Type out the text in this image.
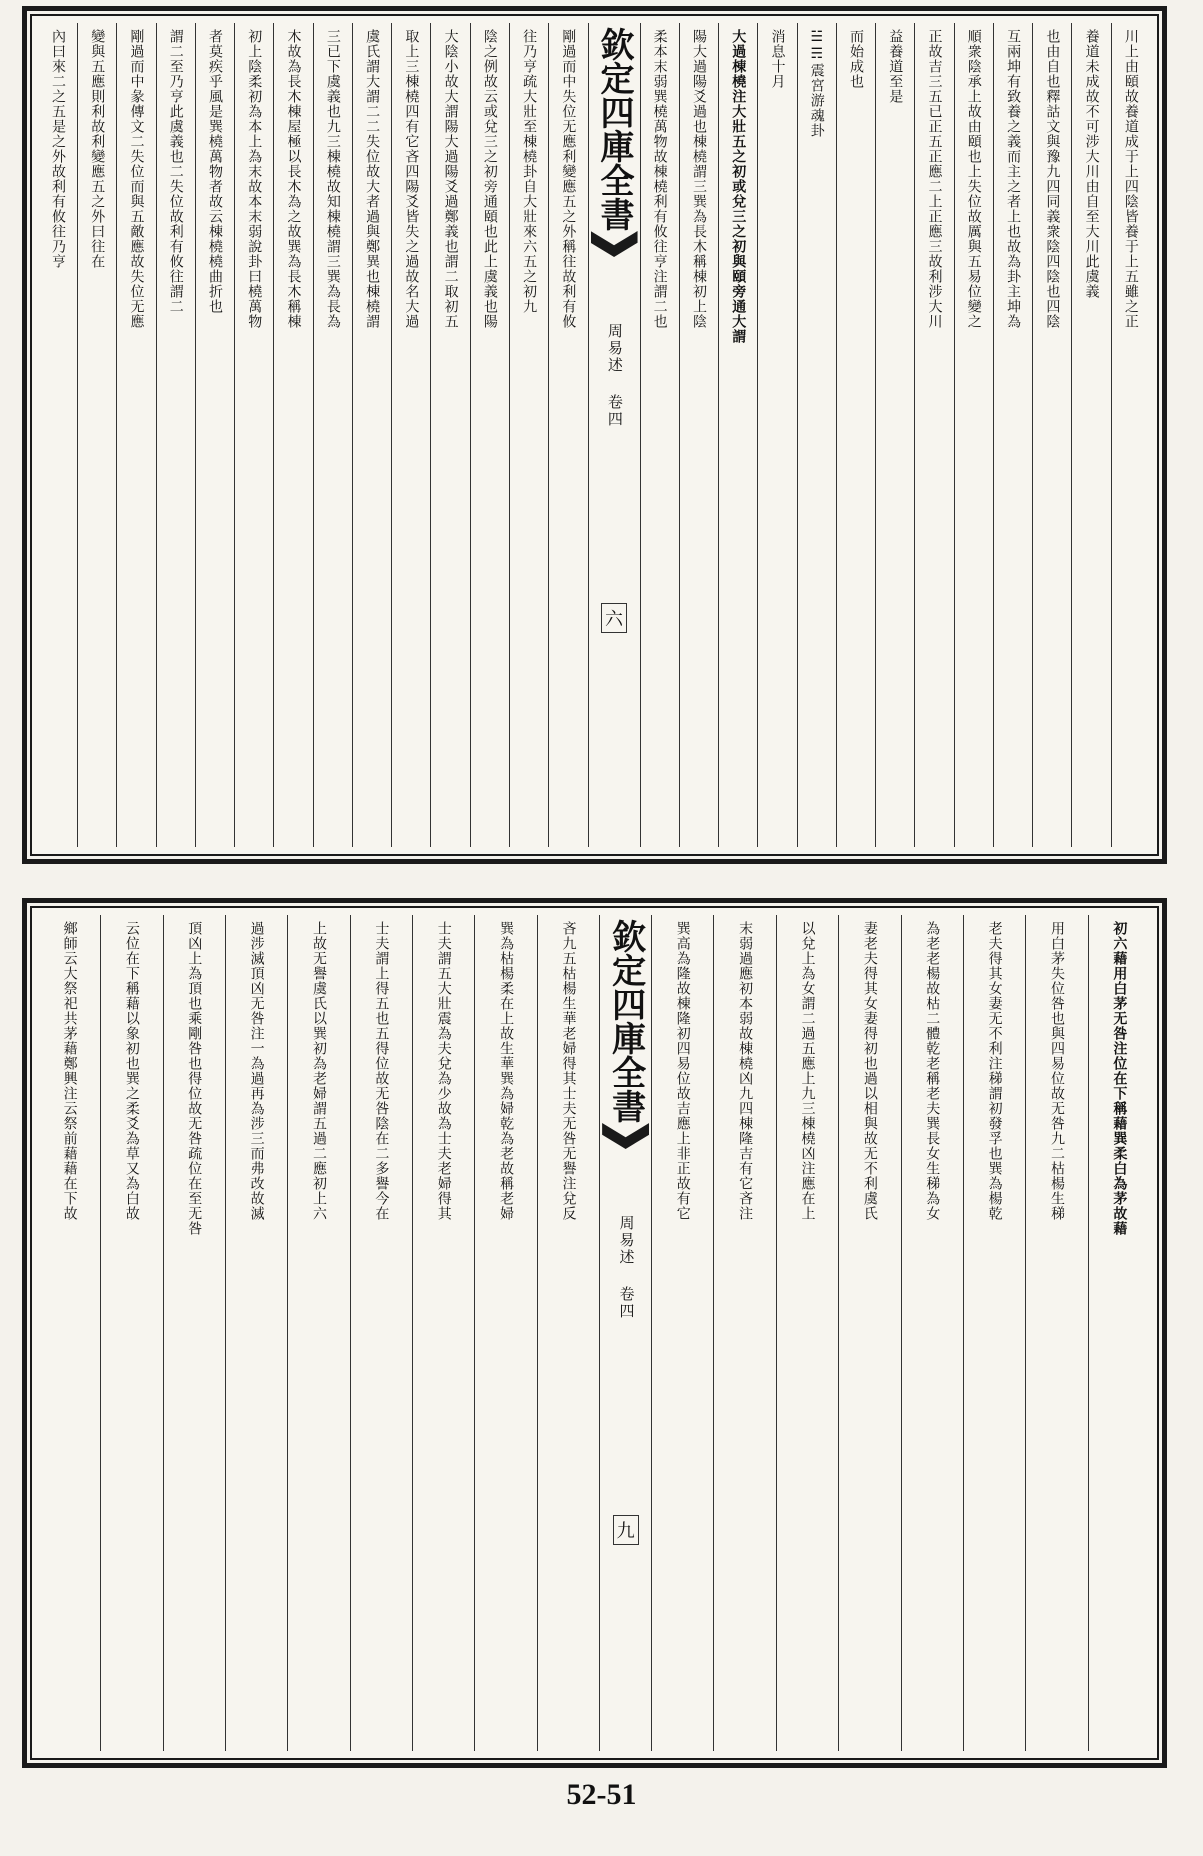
川上由頤故養道成于上四陰皆養于上五雖之正
養道未成故不可涉大川由自至大川此虞義
也由自也釋詁文與豫九四同義衆陰四陰也四陰
互兩坤有致養之義而主之者上也故為卦主坤為
順衆陰承上故由頤也上失位故厲與五易位變之
正故吉三五已正五正應二上正應三故利涉大川
益養道至是
而始成也
☱☴震宮游魂卦
消息十月
大過棟橈注大壯五之初或兌三之初與頤旁通大謂
陽大過陽爻過也棟橈謂三巽為長木稱棟初上陰
柔本末弱巽橈萬物故棟橈利有攸往亨注謂二也
欽定四庫全書
周易述 卷四
六
剛過而中失位无應利變應五之外稱往故利有攸
往乃亨疏大壯至棟橈卦自大壯來六五之初九
陰之例故云或兌三之初旁通頤也此上虞義也陽
大陰小故大謂陽大過陽爻過鄭義也謂二取初五
取上三棟橈四有它吝四陽爻皆失之過故名大過
虞氏謂大謂二二失位故大者過與鄭異也棟橈謂
三已下虞義也九三棟橈故知棟橈謂三巽為長為
木故為長木棟屋極以長木為之故巽為長木稱棟
初上陰柔初為本上為末故本末弱說卦曰橈萬物
者莫疾乎風是巽橈萬物者故云棟橈橈曲折也
謂二至乃亨此虞義也二失位故利有攸往謂二
剛過而中彖傳文二失位而與五敵應故失位无應
變與五應則利故利變應五之外曰往在
內曰來二之五是之外故利有攸往乃亨
初六藉用白茅无咎注位在下稱藉巽柔白為茅故藉
用白茅失位咎也與四易位故无咎九二枯楊生稊
老夫得其女妻无不利注稊謂初發孚也巽為楊乾
為老老楊故枯二體乾老稱老夫巽長女生稊為女
妻老夫得其女妻得初也過以相與故无不利虞氏
以兌上為女謂二過五應上九三棟橈凶注應在上
末弱過應初本弱故棟橈凶九四棟隆吉有它吝注
巽高為隆故棟隆初四易位故吉應上非正故有它
欽定四庫全書
周易述 卷四
九
吝九五枯楊生華老婦得其士夫无咎无譽注兌反
巽為枯楊柔在上故生華巽為婦乾為老故稱老婦
士夫謂五大壯震為夫兌為少故為士夫老婦得其
士夫謂上得五也五得位故无咎陰在二多譽今在
上故无譽虞氏以巽初為老婦謂五過二應初上六
過涉滅頂凶无咎注一為過再為涉三而弗改故滅
頂凶上為頂也乘剛咎也得位故无咎疏位在至无咎
云位在下稱藉以象初也巽之柔爻為草又為白故
鄉師云大祭祀共茅藉鄭興注云祭前藉藉在下故
52-51
